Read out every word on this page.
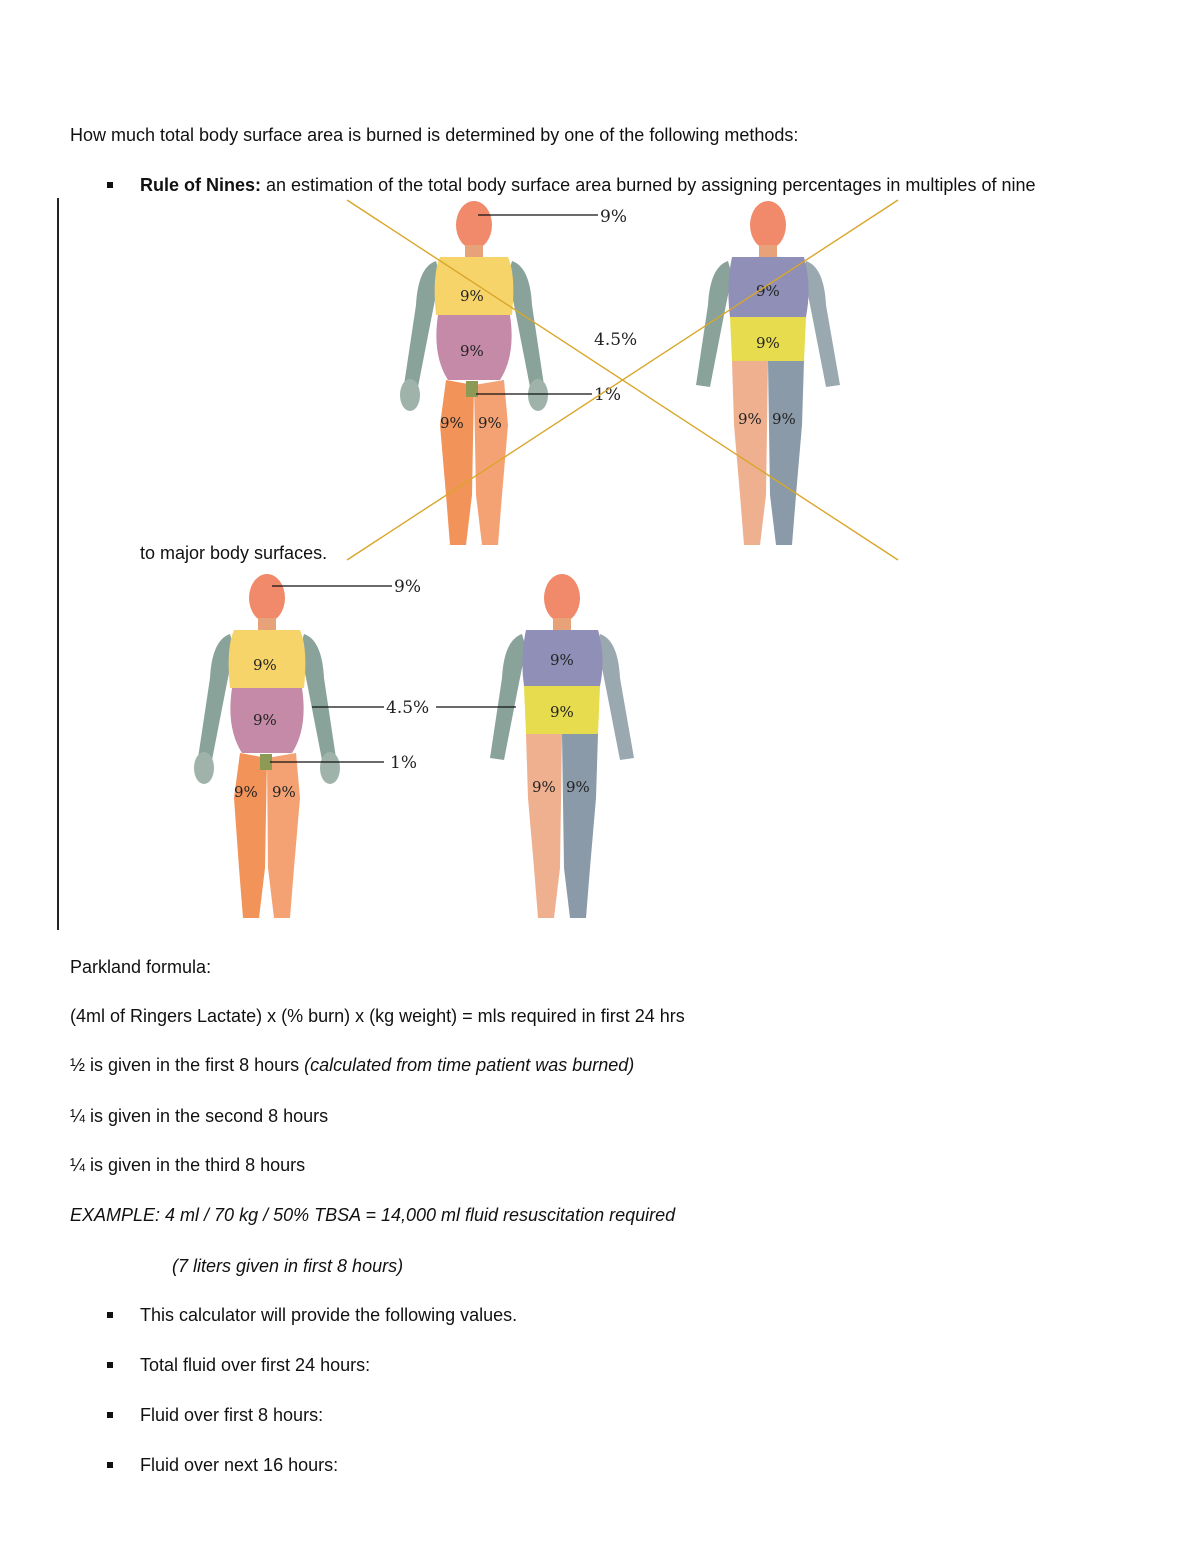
How much total body surface area is burned is determined by one of the following methods:
Rule of Nines: an estimation of the total body surface area burned by assigning percentages in multiples of nine
9%
4.5%
1%
9%
9%
9% 9%
9%
9%
9% 9%
to major body surfaces.
9%
4.5%
1%
9%
9%
9% 9%
9%
9%
9% 9%
Parkland formula:
(4ml of Ringers Lactate) x (% burn) x (kg weight) = mls required in first 24 hrs
½ is given in the first 8 hours (calculated from time patient was burned)
¼ is given in the second 8 hours
¼ is given in the third 8 hours
EXAMPLE: 4 ml / 70 kg / 50% TBSA = 14,000 ml fluid resuscitation required
(7 liters given in first 8 hours)
This calculator will provide the following values.
Total fluid over first 24 hours:
Fluid over first 8 hours:
Fluid over next 16 hours:
